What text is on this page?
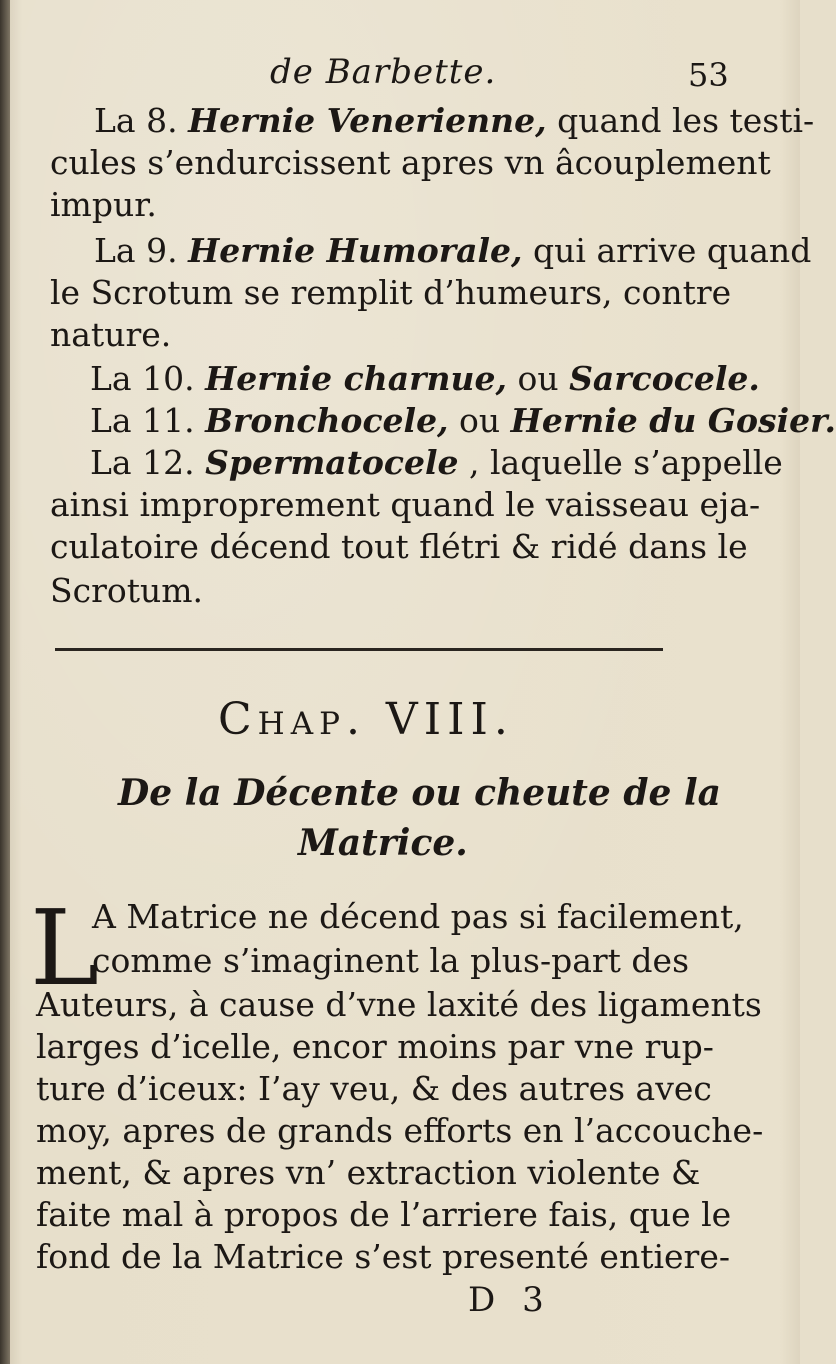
de Barbette.	53
La 8. Hernie Venerienne, quand les testi-
cules s’endurcissent apres vn âcouplement
impur.
La 9. Hernie Humorale, qui arrive quand
le Scrotum se remplit d’humeurs, contre
nature.
La 10. Hernie charnue, ou Sarcocele.
La 11. Bronchocele, ou Hernie du Gosier.
La 12. Spermatocele , laquelle s’appelle
ainsi improprement quand le vaisseau eja-
culatoire décend tout flétri & ridé dans le
Scrotum.
Chap. VIII.
De la Décente ou cheute de la
Matrice.
L
A Matrice ne décend pas si facilement,
comme s’imaginent la plus-part des
Auteurs, à cause d’vne laxité des ligaments
larges d’icelle, encor moins par vne rup-
ture d’iceux: I’ay veu, & des autres avec
moy, apres de grands efforts en l’accouche-
ment, & apres vn’ extraction violente &
faite mal à propos de l’arriere fais, que le
fond de la Matrice s’est presenté entiere-
D 3
